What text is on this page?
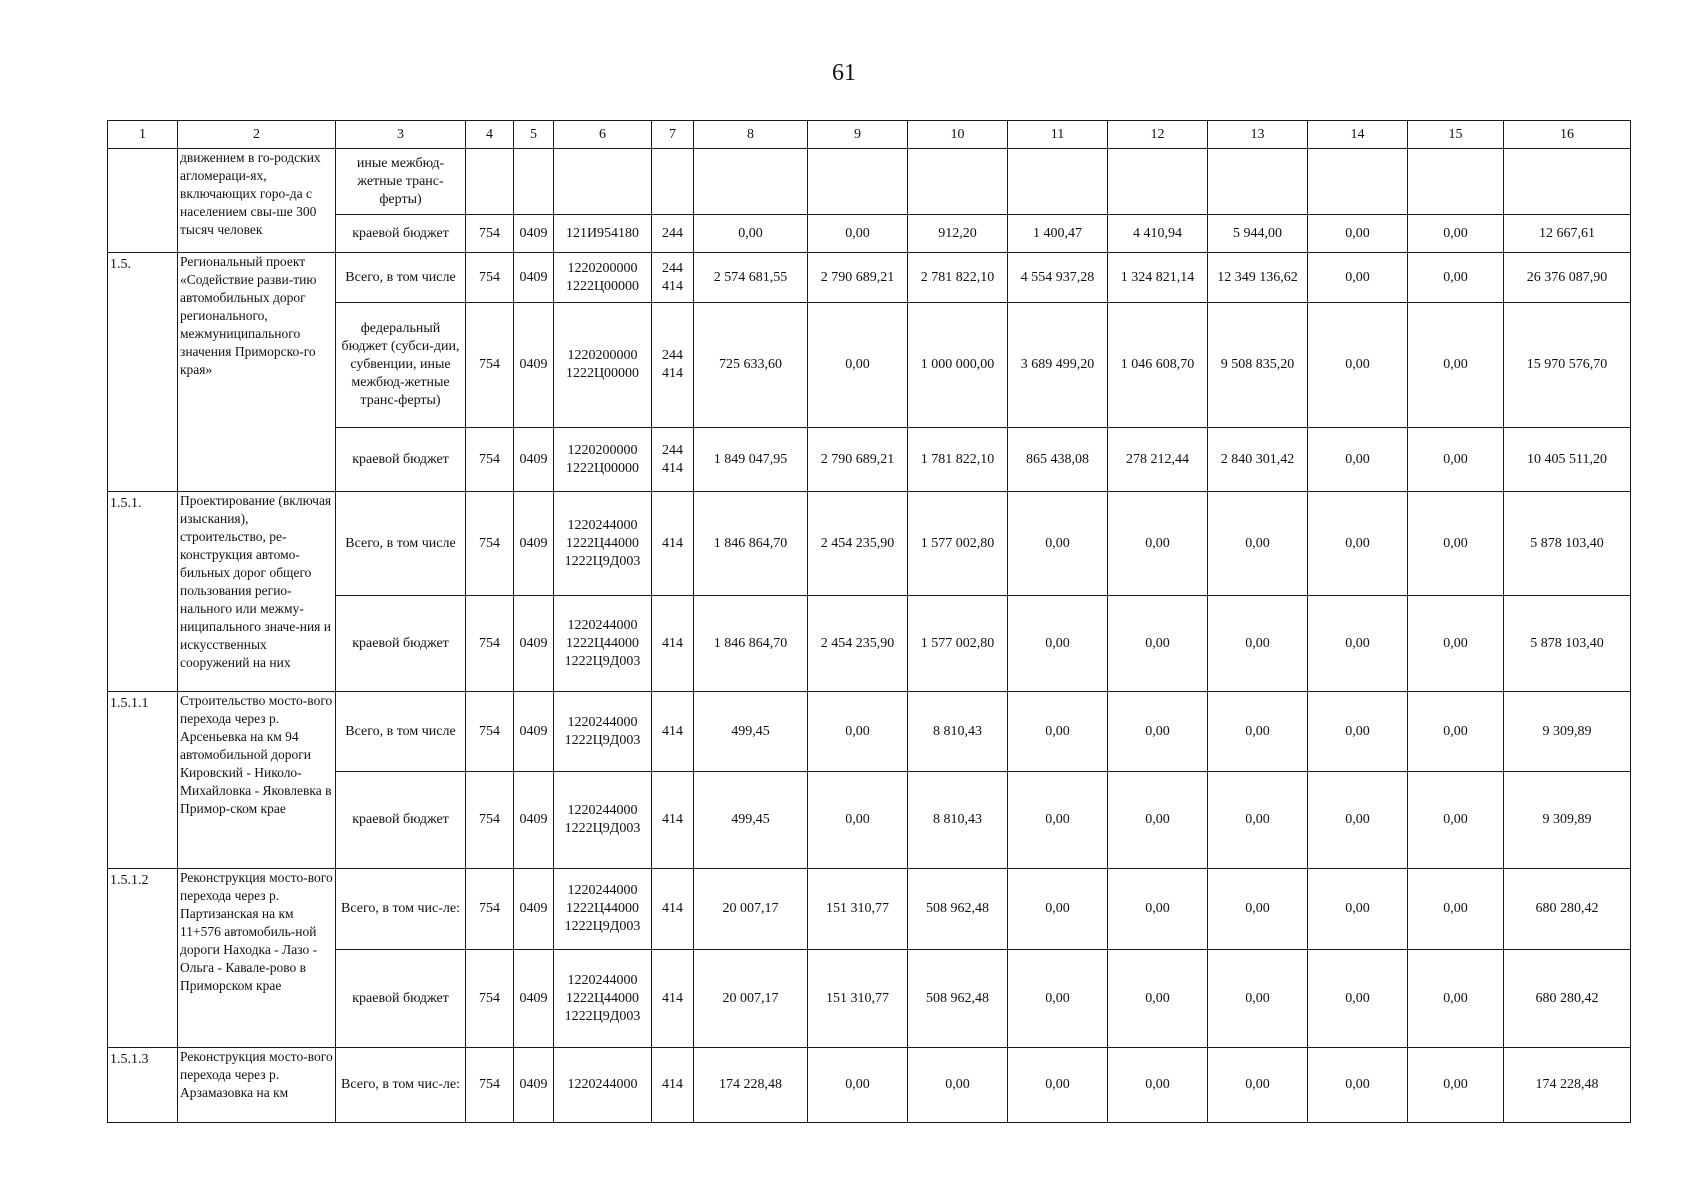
61
1	2	3	4	5	6	7	8	9	10	11	12	13	14	15	16
	движением в го-родских агломераци-ях, включающих горо-да с населением свы-ше 300 тысяч человек	иные межбюд-жетные транс-ферты)													
		краевой бюджет	754	0409	121И954180	244	0,00	0,00	912,20	1 400,47	4 410,94	5 944,00	0,00	0,00	12 667,61
1.5.	Региональный проект «Содействие разви-тию автомобильных дорог регионального, межмуниципального значения Приморско-го края»	Всего, в том числе	754	0409	1220200000 1222Ц00000	244 414	2 574 681,55	2 790 689,21	2 781 822,10	4 554 937,28	1 324 821,14	12 349 136,62	0,00	0,00	26 376 087,90
		федеральный бюджет (субси-дии, субвенции, иные межбюд-жетные транс-ферты)	754	0409	1220200000 1222Ц00000	244 414	725 633,60	0,00	1 000 000,00	3 689 499,20	1 046 608,70	9 508 835,20	0,00	0,00	15 970 576,70
		краевой бюджет	754	0409	1220200000 1222Ц00000	244 414	1 849 047,95	2 790 689,21	1 781 822,10	865 438,08	278 212,44	2 840 301,42	0,00	0,00	10 405 511,20
1.5.1.	Проектирование (включая изыскания), строительство, ре-конструкция автомо-бильных дорог общего пользования регио-нального или межму-ниципального значе-ния и искусственных сооружений на них	Всего, в том числе	754	0409	1220244000 1222Ц44000 1222Ц9Д003	414	1 846 864,70	2 454 235,90	1 577 002,80	0,00	0,00	0,00	0,00	0,00	5 878 103,40
		краевой бюджет	754	0409	1220244000 1222Ц44000 1222Ц9Д003	414	1 846 864,70	2 454 235,90	1 577 002,80	0,00	0,00	0,00	0,00	0,00	5 878 103,40
1.5.1.1	Строительство мосто-вого перехода через р. Арсеньевка на км 94 автомобильной дороги Кировский - Николо-Михайловка - Яковлевка в Примор-ском крае	Всего, в том числе	754	0409	1220244000 1222Ц9Д003	414	499,45	0,00	8 810,43	0,00	0,00	0,00	0,00	0,00	9 309,89
		краевой бюджет	754	0409	1220244000 1222Ц9Д003	414	499,45	0,00	8 810,43	0,00	0,00	0,00	0,00	0,00	9 309,89
1.5.1.2	Реконструкция мосто-вого перехода через р. Партизанская на км 11+576 автомобиль-ной дороги Находка - Лазо - Ольга - Кавале-рово в Приморском крае	Всего, в том чис-ле:	754	0409	1220244000 1222Ц44000 1222Ц9Д003	414	20 007,17	151 310,77	508 962,48	0,00	0,00	0,00	0,00	0,00	680 280,42
		краевой бюджет	754	0409	1220244000 1222Ц44000 1222Ц9Д003	414	20 007,17	151 310,77	508 962,48	0,00	0,00	0,00	0,00	0,00	680 280,42
1.5.1.3	Реконструкция мосто-вого перехода через р. Арзамазовка на км	Всего, в том чис-ле:	754	0409	1220244000	414	174 228,48	0,00	0,00	0,00	0,00	0,00	0,00	0,00	174 228,48
